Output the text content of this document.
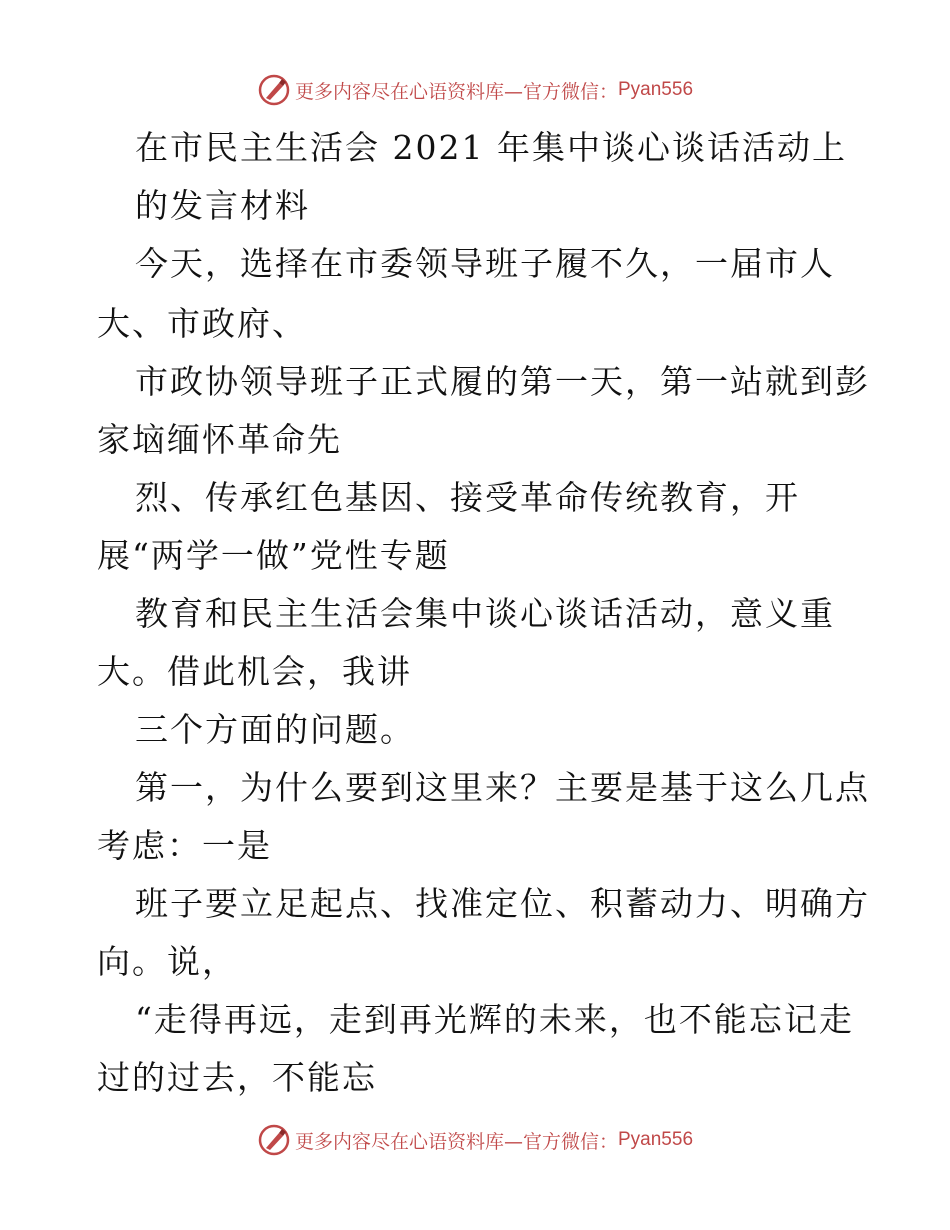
更多内容尽在心语资料库—官方微信： Pyan556
在市民主生活会 2021 年集中谈心谈话活动上
的发言材料
今天，选择在市委领导班子履不久，一届市人
大、市政府、
市政协领导班子正式履的第一天，第一站就到彭
家垴缅怀革命先
烈、传承红色基因、接受革命传统教育，开
展“两学一做”党性专题
教育和民主生活会集中谈心谈话活动，意义重
大。借此机会，我讲
三个方面的问题。
第一，为什么要到这里来？主要是基于这么几点
考虑：一是
班子要立足起点、找准定位、积蓄动力、明确方
向。说，
“走得再远，走到再光辉的未来，也不能忘记走
过的过去，不能忘
更多内容尽在心语资料库—官方微信： Pyan556
